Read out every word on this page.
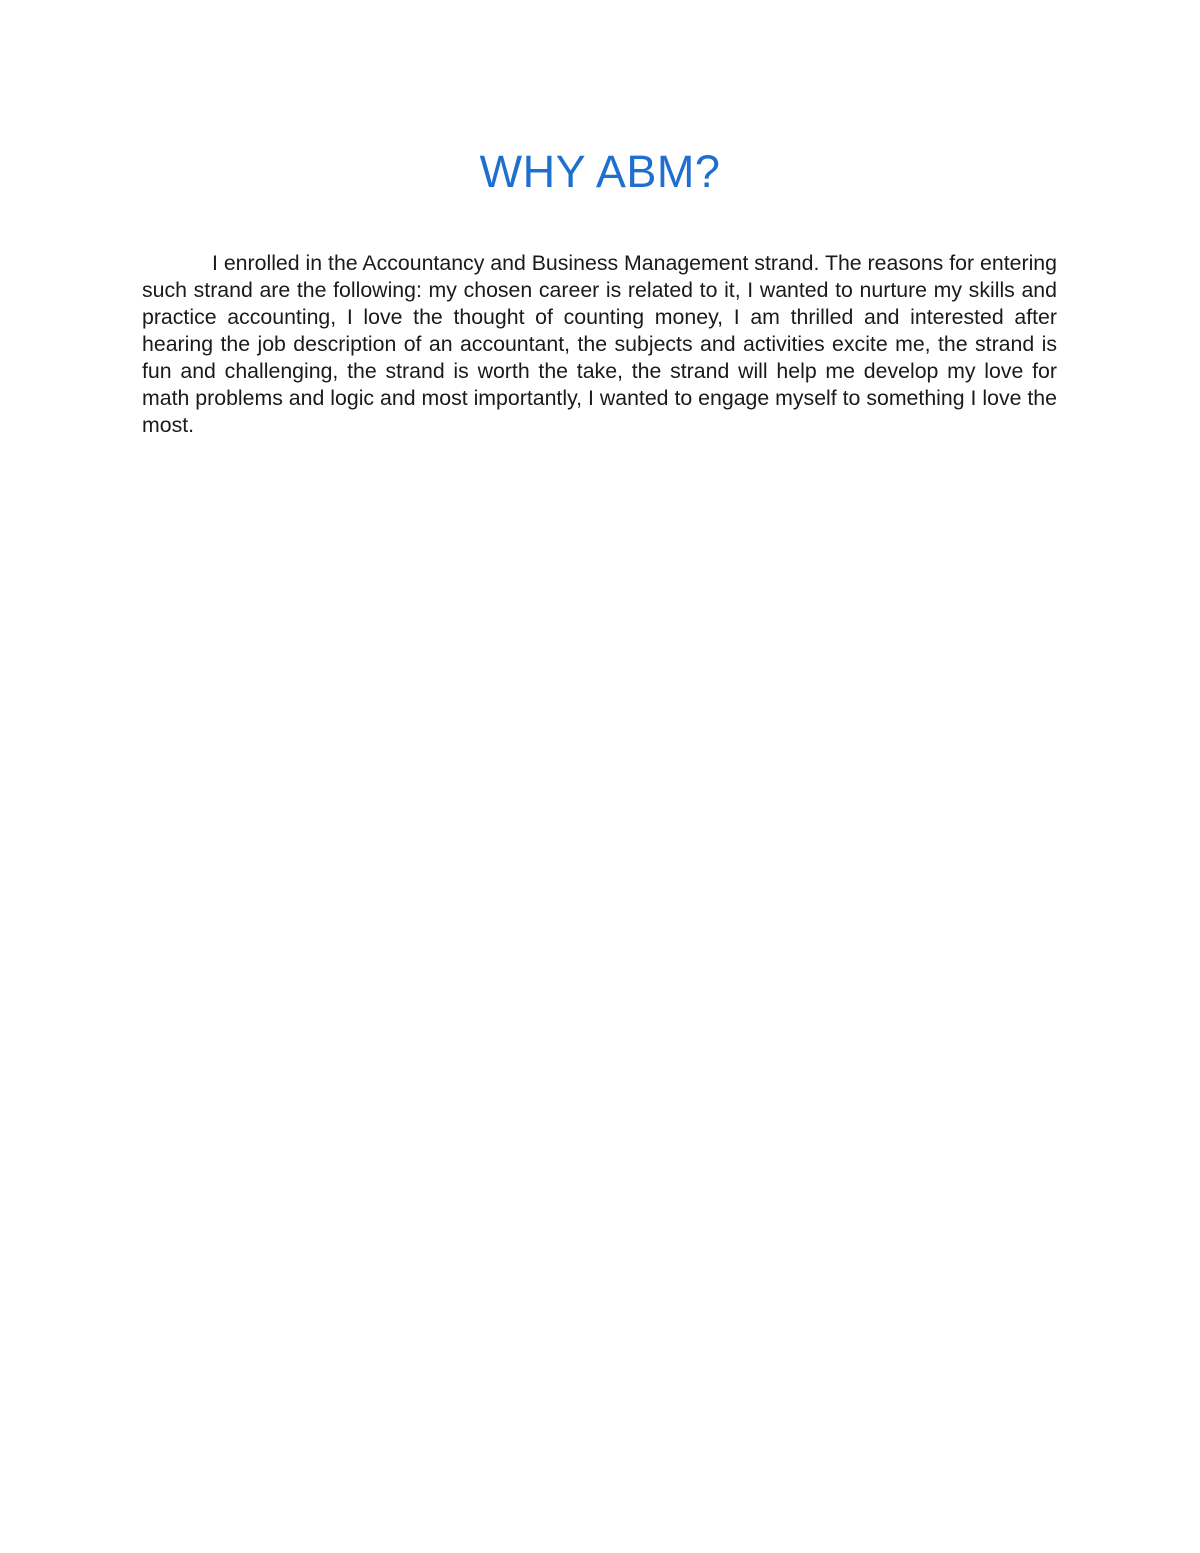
WHY ABM?

I enrolled in the Accountancy and Business Management strand. The reasons for entering such strand are the following: my chosen career is related to it, I wanted to nurture my skills and practice accounting, I love the thought of counting money, I am thrilled and interested after hearing the job description of an accountant, the subjects and activities excite me, the strand is fun and challenging, the strand is worth the take, the strand will help me develop my love for math problems and logic and most importantly, I wanted to engage myself to something I love the most.
